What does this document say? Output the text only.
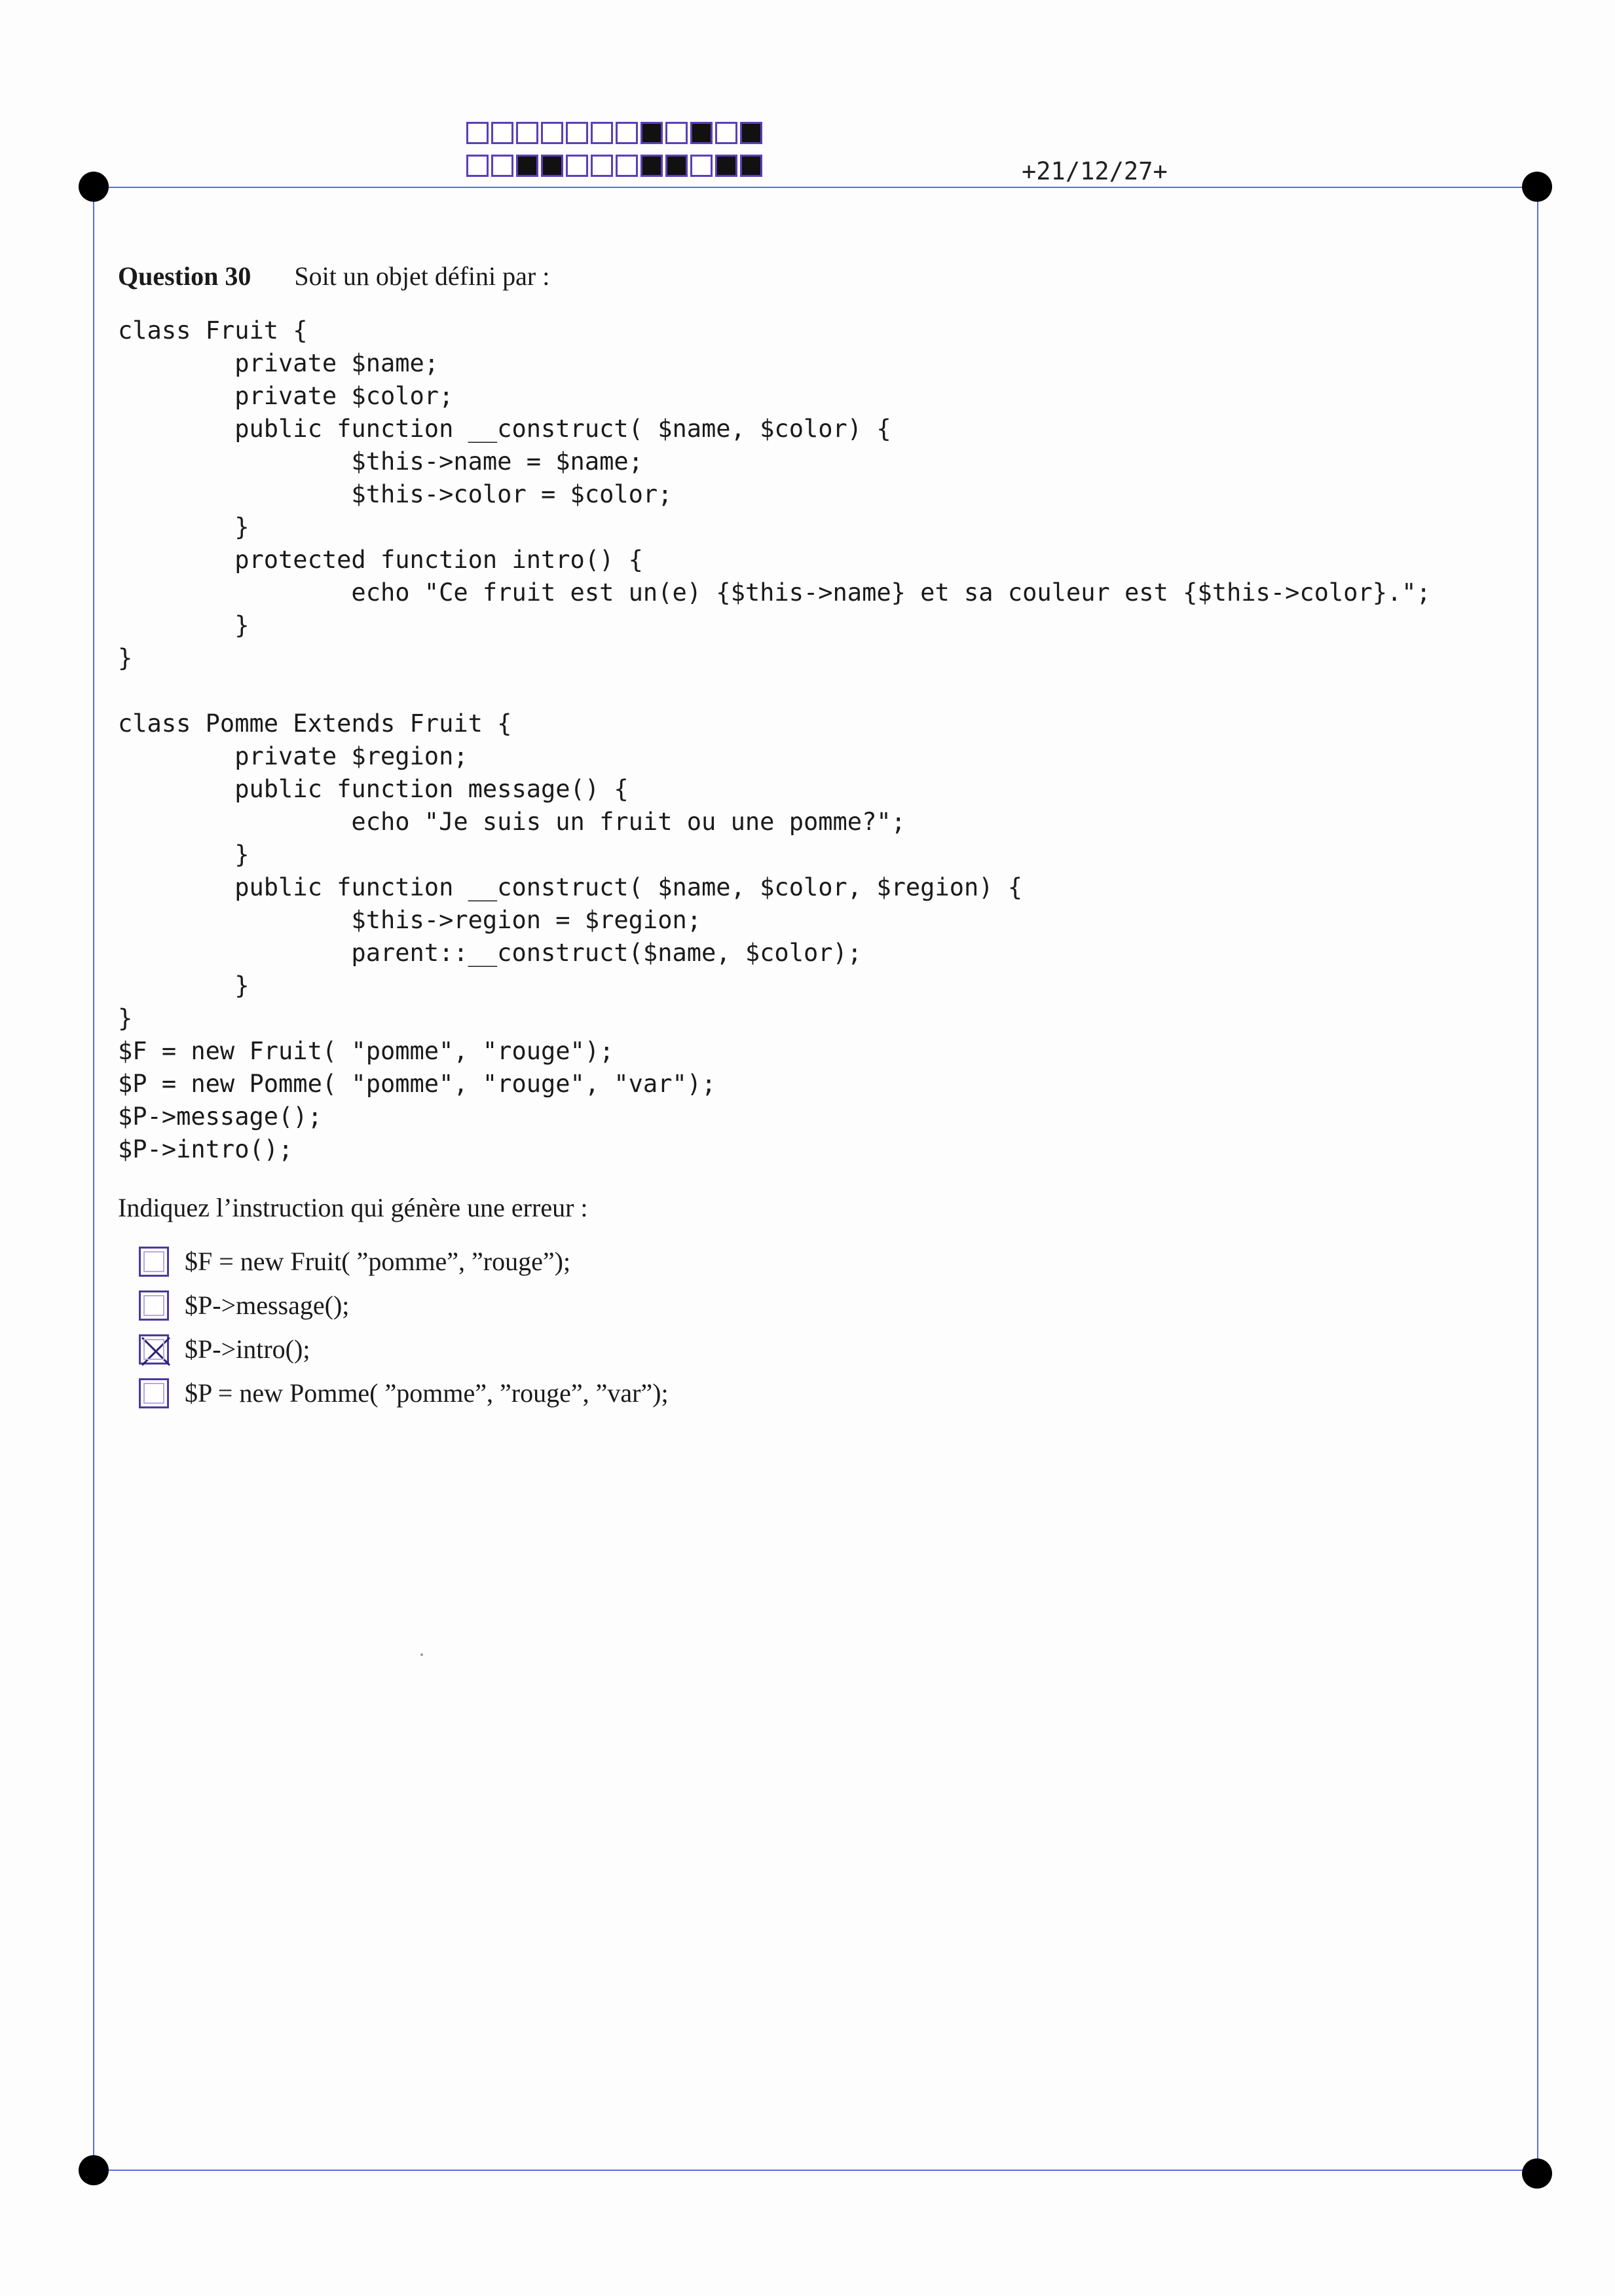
+21/12/27+
Question 30 Soit un objet défini par :
class Fruit {
private $name;
private $color;
public function __construct( $name, $color) {
$this->name = $name;
$this->color = $color;
}
protected function intro() {
echo "Ce fruit est un(e) {$this->name} et sa couleur est {$this->color}.";
}
}

class Pomme Extends Fruit {
private $region;
public function message() {
echo "Je suis un fruit ou une pomme?";
}
public function __construct( $name, $color, $region) {
$this->region = $region;
parent::__construct($name, $color);
}
}
$F = new Fruit( "pomme", "rouge");
$P = new Pomme( "pomme", "rouge", "var");
$P->message();
$P->intro();
Indiquez l’instruction qui génère une erreur :
$F = new Fruit( ”pomme”, ”rouge”);
$P->message();
$P->intro();
$P = new Pomme( ”pomme”, ”rouge”, ”var”);
